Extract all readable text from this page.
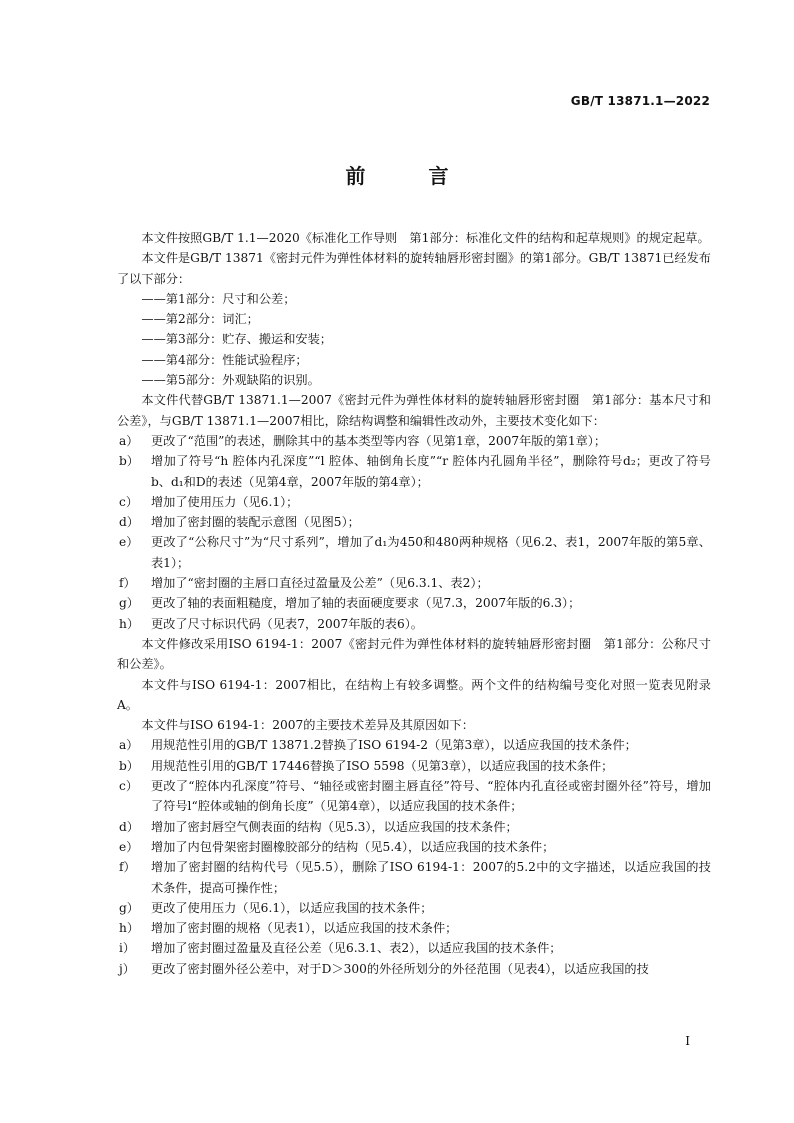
GB/T 13871.1—2022
前 言

本文件按照GB/T 1.1—2020《标准化工作导则　第1部分：标准化文件的结构和起草规则》的规定起草。

本文件是GB/T 13871《密封元件为弹性体材料的旋转轴唇形密封圈》的第1部分。GB/T 13871已经发布了以下部分：

——第1部分：尺寸和公差；

——第2部分：词汇；

——第3部分：贮存、搬运和安装；

——第4部分：性能试验程序；

——第5部分：外观缺陷的识别。

本文件代替GB/T 13871.1—2007《密封元件为弹性体材料的旋转轴唇形密封圈　第1部分：基本尺寸和公差》，与GB/T 13871.1—2007相比，除结构调整和编辑性改动外，主要技术变化如下：

a）	更改了“范围”的表述，删除其中的基本类型等内容（见第1章，2007年版的第1章）；
b） 增加了符号“h 腔体内孔深度”“l 腔体、轴倒角长度”“r 腔体内孔圆角半径”，删除符号d₂；更改了符号b、d₁和D的表述（见第4章，2007年版的第4章）；
c）	增加了使用压力（见6.1）；
d） 增加了密封圈的装配示意图（见图5）；
e）	更改了“公称尺寸”为“尺寸系列”，增加了d₁为450和480两种规格（见6.2、表1，2007年版的第5章、表1）；
f）	增加了“密封圈的主唇口直径过盈量及公差”（见6.3.1、表2）；
g） 更改了轴的表面粗糙度，增加了轴的表面硬度要求（见7.3，2007年版的6.3）；
h） 更改了尺寸标识代码（见表7，2007年版的表6）。

本文件修改采用ISO 6194-1：2007《密封元件为弹性体材料的旋转轴唇形密封圈　第1部分：公称尺寸和公差》。

本文件与ISO 6194-1：2007相比，在结构上有较多调整。两个文件的结构编号变化对照一览表见附录A。

本文件与ISO 6194-1：2007的主要技术差异及其原因如下：

a）	用规范性引用的GB/T 13871.2替换了ISO 6194-2（见第3章），以适应我国的技术条件；
b） 用规范性引用的GB/T 17446替换了ISO 5598（见第3章），以适应我国的技术条件；
c）	更改了“腔体内孔深度”符号、“轴径或密封圈主唇直径”符号、“腔体内孔直径或密封圈外径”符号，增加了符号l“腔体或轴的倒角长度”（见第4章），以适应我国的技术条件；
d） 增加了密封唇空气侧表面的结构（见5.3），以适应我国的技术条件；
e）	增加了内包骨架密封圈橡胶部分的结构（见5.4），以适应我国的技术条件；
f）	增加了密封圈的结构代号（见5.5），删除了ISO 6194-1：2007的5.2中的文字描述，以适应我国的技术条件，提高可操作性；
g） 更改了使用压力（见6.1），以适应我国的技术条件；
h） 增加了密封圈的规格（见表1），以适应我国的技术条件；
i）	增加了密封圈过盈量及直径公差（见6.3.1、表2），以适应我国的技术条件；
j）	更改了密封圈外径公差中，对于D＞300的外径所划分的外径范围（见表4），以适应我国的技
I
